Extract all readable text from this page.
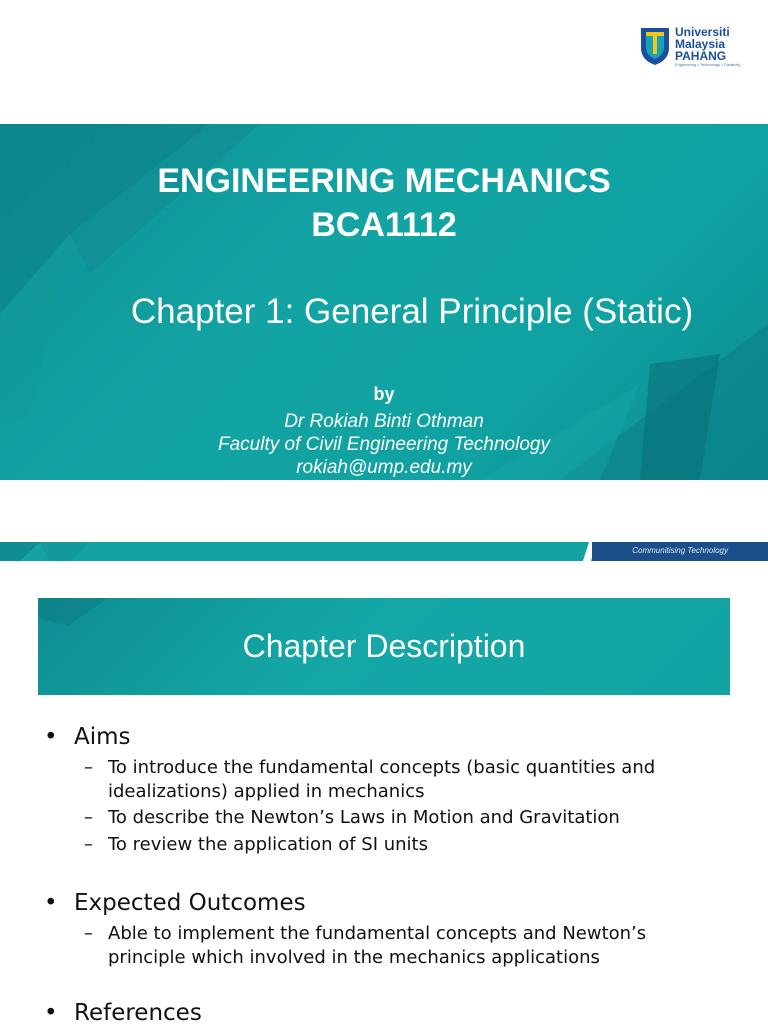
Universiti
Malaysia
PAHANG
Engineering • Technology • Creativity
ENGINEERING MECHANICS
BCA1112
Chapter 1: General Principle (Static)
by
Dr Rokiah Binti Othman
Faculty of Civil Engineering Technology
rokiah@ump.edu.my
Communitising Technology
Chapter Description
• Aims
– To introduce the fundamental concepts (basic quantities and
idealizations) applied in mechanics
– To describe the Newton’s Laws in Motion and Gravitation
– To review the application of SI units
• Expected Outcomes
– Able to implement the fundamental concepts and Newton’s
principle which involved in the mechanics applications
• References
